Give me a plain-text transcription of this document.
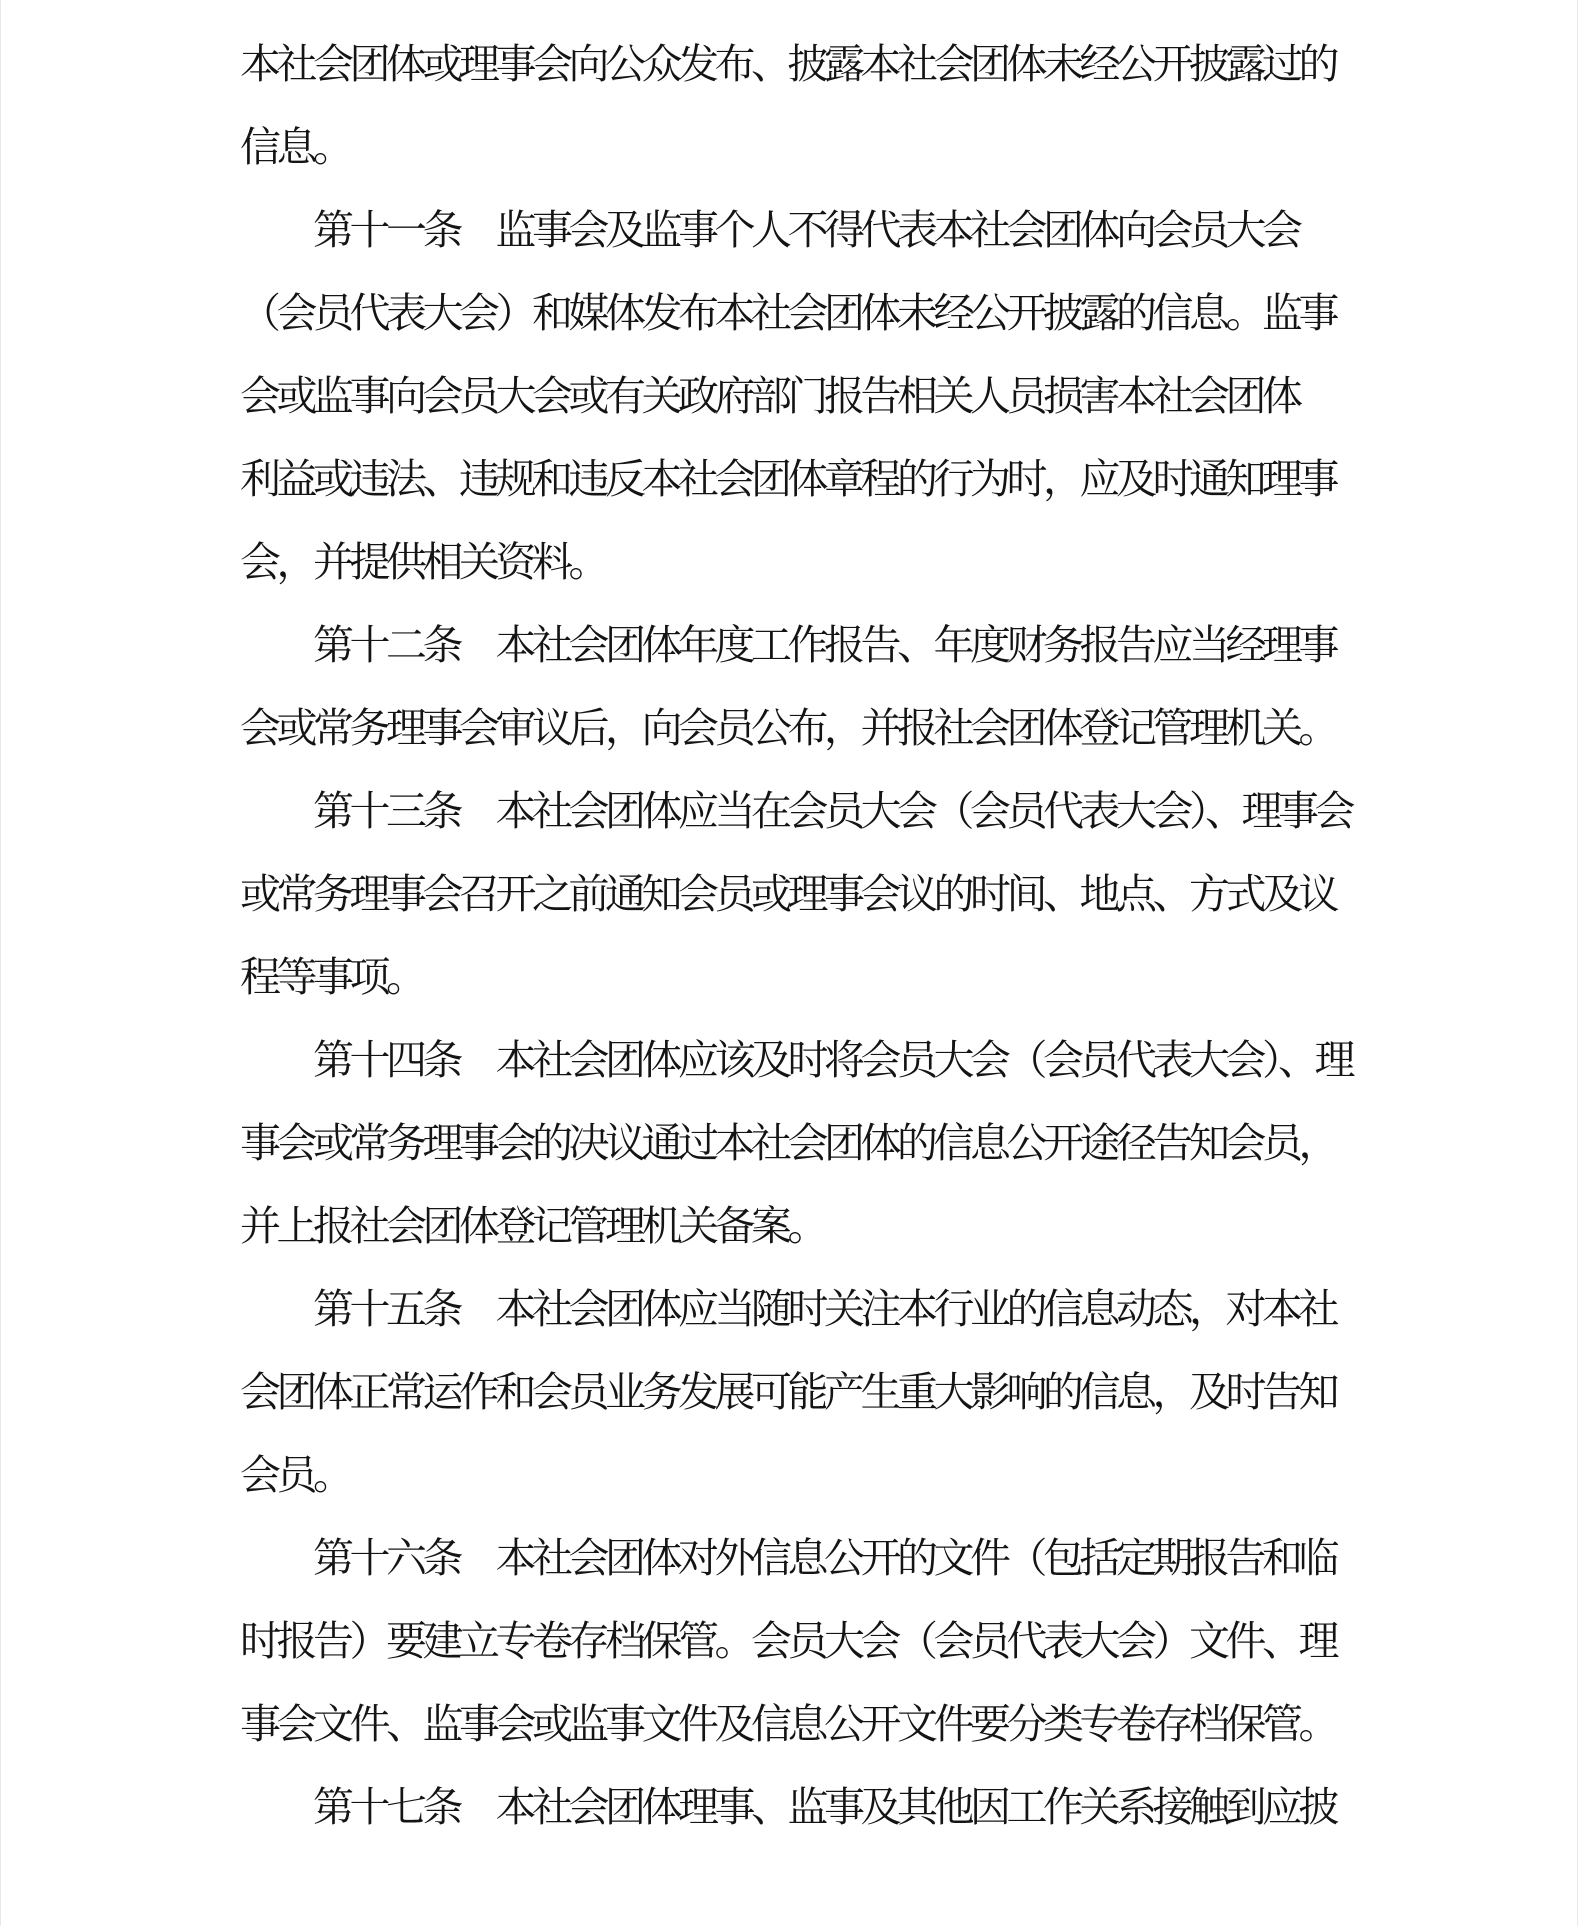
本社会团体或理事会向公众发布、披露本社会团体未经公开披露过的
信息。
第十一条　监事会及监事个人不得代表本社会团体向会员大会
（会员代表大会）和媒体发布本社会团体未经公开披露的信息。监事
会或监事向会员大会或有关政府部门报告相关人员损害本社会团体
利益或违法、违规和违反本社会团体章程的行为时，应及时通知理事
会，并提供相关资料。
第十二条　本社会团体年度工作报告、年度财务报告应当经理事
会或常务理事会审议后，向会员公布，并报社会团体登记管理机关。
第十三条　本社会团体应当在会员大会（会员代表大会）、理事会
或常务理事会召开之前通知会员或理事会议的时间、地点、方式及议
程等事项。
第十四条　本社会团体应该及时将会员大会（会员代表大会）、理
事会或常务理事会的决议通过本社会团体的信息公开途径告知会员，
并上报社会团体登记管理机关备案。
第十五条　本社会团体应当随时关注本行业的信息动态，对本社
会团体正常运作和会员业务发展可能产生重大影响的信息，及时告知
会员。
第十六条　本社会团体对外信息公开的文件（包括定期报告和临
时报告）要建立专卷存档保管。会员大会（会员代表大会）文件、理
事会文件、监事会或监事文件及信息公开文件要分类专卷存档保管。
第十七条　本社会团体理事、监事及其他因工作关系接触到应披
